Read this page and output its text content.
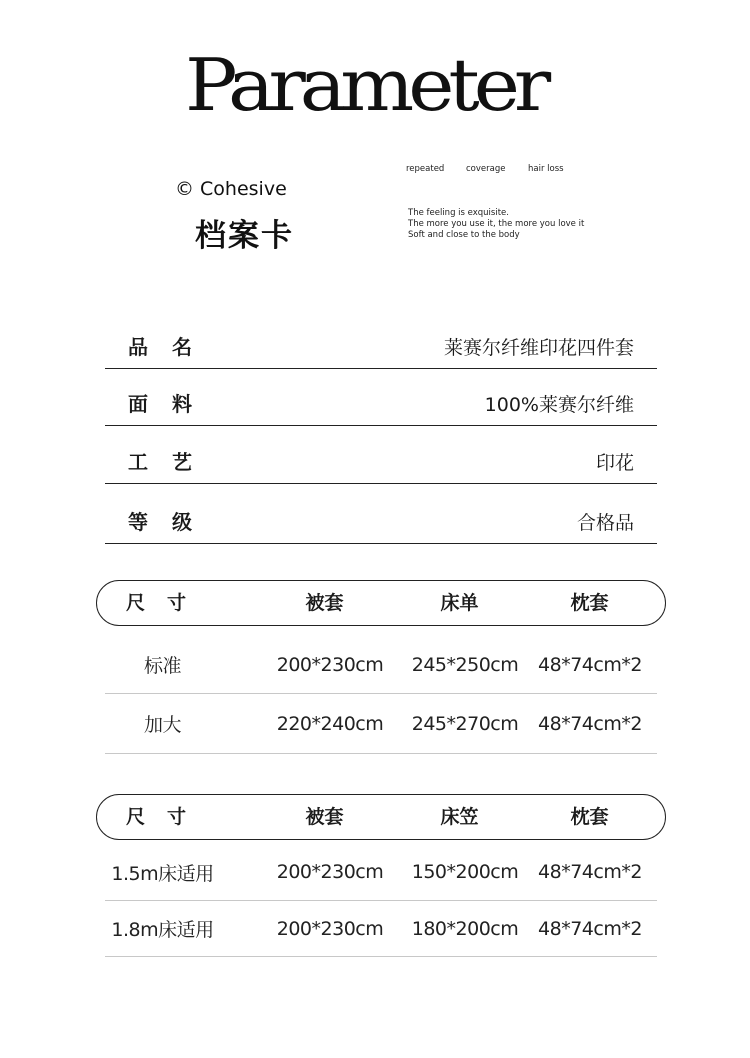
Parameter
© Cohesive
档案卡
repeated	coverage	hair loss
The feeling is exquisite.
The more you use it, the more you love it
Soft and close to the body
品名	莱赛尔纤维印花四件套
面料	100%莱赛尔纤维
工艺	印花
等级	合格品
尺寸	被套	床单	枕套
标准	200*230cm	245*250cm	48*74cm*2
加大	220*240cm	245*270cm	48*74cm*2
尺寸	被套	床笠	枕套
1.5m床适用	200*230cm	150*200cm	48*74cm*2
1.8m床适用	200*230cm	180*200cm	48*74cm*2
